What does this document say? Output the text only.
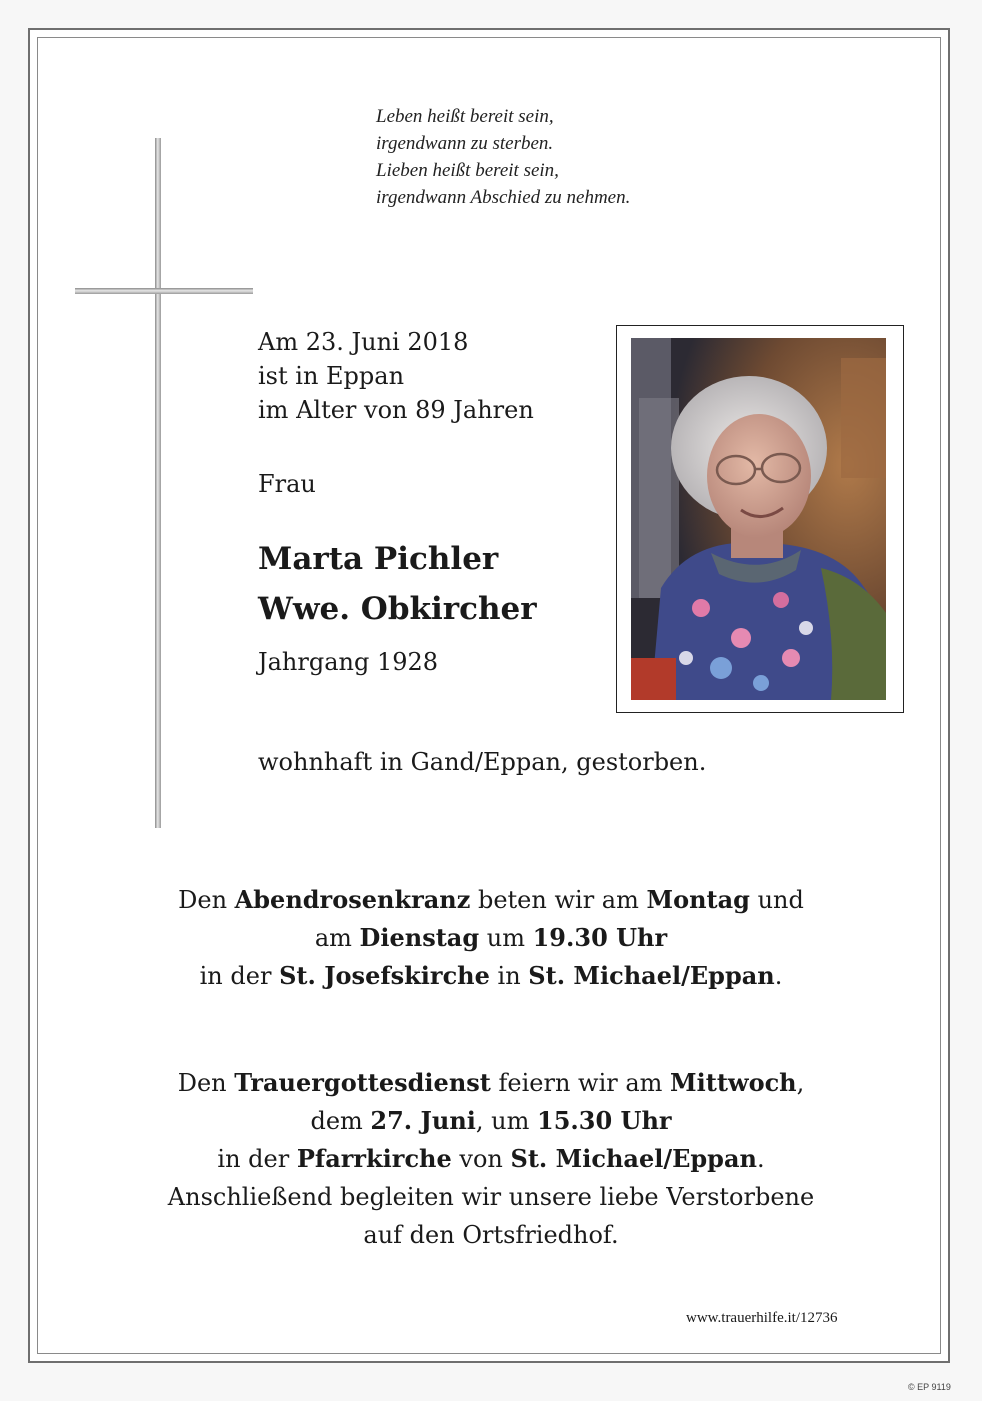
Leben heißt bereit sein,
irgendwann zu sterben.
Lieben heißt bereit sein,
irgendwann Abschied zu nehmen.
Am 23. Juni 2018
ist in Eppan
im Alter von 89 Jahren
Frau
Marta Pichler
Wwe. Obkircher
Jahrgang 1928
wohnhaft in Gand/Eppan, gestorben.
Den Abendrosenkranz beten wir am Montag und
am Dienstag um 19.30 Uhr
in der St. Josefskirche in St. Michael/Eppan.
Den Trauergottesdienst feiern wir am Mittwoch,
dem 27. Juni, um 15.30 Uhr
in der Pfarrkirche von St. Michael/Eppan.
Anschließend begleiten wir unsere liebe Verstorbene
auf den Ortsfriedhof.
www.trauerhilfe.it/12736
© EP 9119
